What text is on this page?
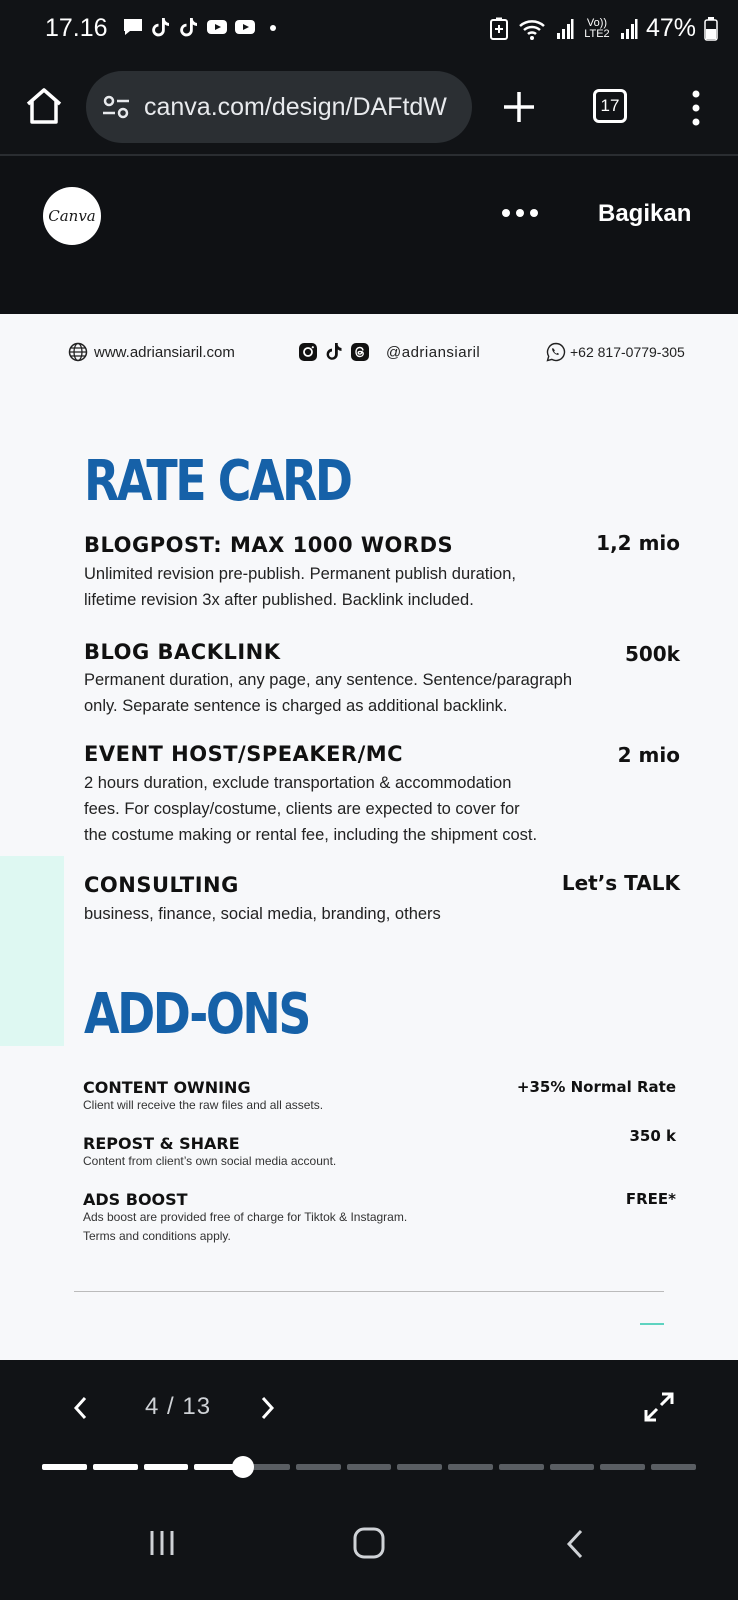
17.16	Vo)) LTE2 47%
canva.com/design/DAFtdW	17
Canva	Bagikan
www.adriansiaril.com	@adriansiaril	+62 817-0779-305
RATE CARD
BLOGPOST: MAX 1000 WORDS	1,2 mio
Unlimited revision pre-publish. Permanent publish duration,
lifetime revision 3x after published. Backlink included.
BLOG BACKLINK	500k
Permanent duration, any page, any sentence. Sentence/paragraph
only. Separate sentence is charged as additional backlink.
EVENT HOST/SPEAKER/MC	2 mio
2 hours duration, exclude transportation & accommodation
fees. For cosplay/costume, clients are expected to cover for
the costume making or rental fee, including the shipment cost.
CONSULTING	Let’s TALK
business, finance, social media, branding, others
ADD-ONS
CONTENT OWNING	+35% Normal Rate
Client will receive the raw files and all assets.
REPOST & SHARE	350 k
Content from client’s own social media account.
ADS BOOST	FREE*
Ads boost are provided free of charge for Tiktok & Instagram.
Terms and conditions apply.
4 / 13
